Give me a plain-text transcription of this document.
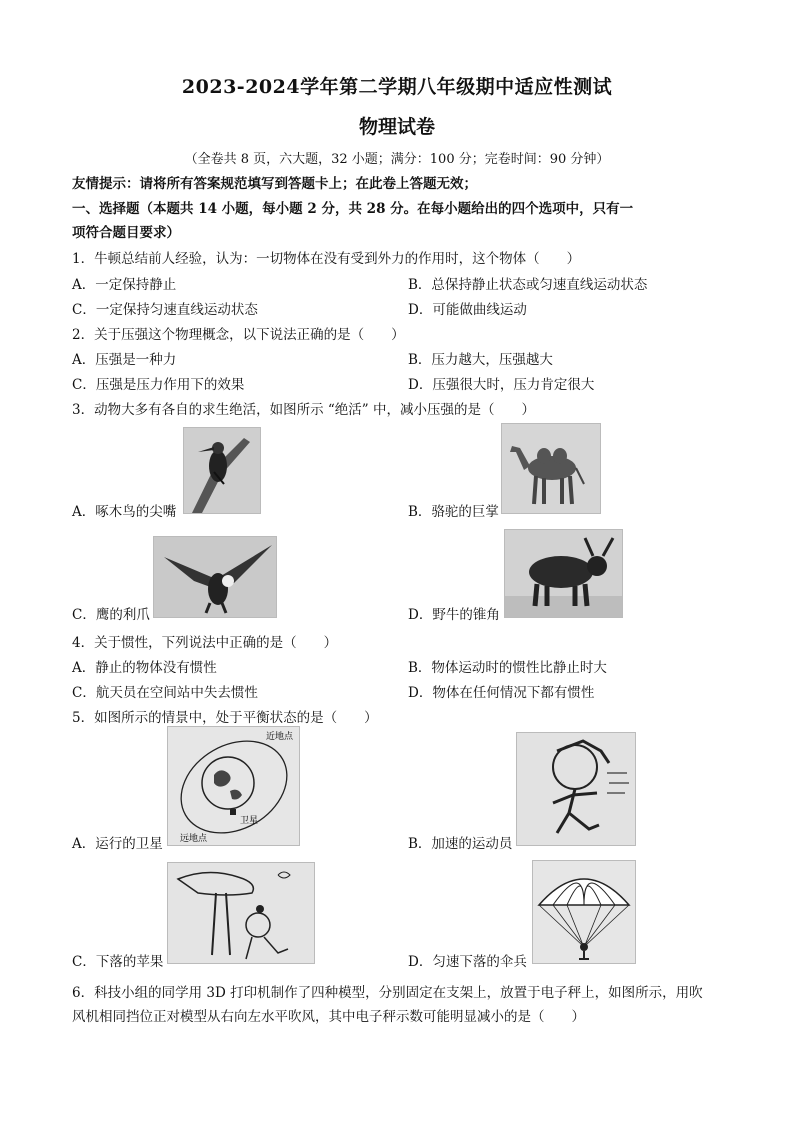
2023-2024学年第二学期八年级期中适应性测试
物理试卷
（全卷共 8 页，六大题，32 小题；满分：100 分；完卷时间：90 分钟）
友情提示：请将所有答案规范填写到答题卡上；在此卷上答题无效；
一、选择题（本题共 14 小题，每小题 2 分，共 28 分。在每小题给出的四个选项中，只有一
项符合题目要求）
1．牛顿总结前人经验，认为：一切物体在没有受到外力的作用时，这个物体（　　）
A．一定保持静止	B．总保持静止状态或匀速直线运动状态
C．一定保持匀速直线运动状态	D．可能做曲线运动
2．关于压强这个物理概念，以下说法正确的是（　　）
A．压强是一种力	B．压力越大，压强越大
C．压强是压力作用下的效果	D．压强很大时，压力肯定很大
3．动物大多有各自的求生绝活，如图所示 “绝活” 中，减小压强的是（　　）
A．啄木鸟的尖嘴	B．骆驼的巨掌
C．鹰的利爪	D．野牛的锥角
4．关于惯性，下列说法中正确的是（　　）
A．静止的物体没有惯性	B．物体运动时的惯性比静止时大
C．航天员在空间站中失去惯性	D．物体在任何情况下都有惯性
5．如图所示的情景中，处于平衡状态的是（　　）
近地点
卫星
远地点
A．运行的卫星	B．加速的运动员
C．下落的苹果	D．匀速下落的伞兵
6．科技小组的同学用 3D 打印机制作了四种模型，分别固定在支架上，放置于电子秤上，如图所示，用吹
风机相同挡位正对模型从右向左水平吹风，其中电子秤示数可能明显减小的是（　　）
